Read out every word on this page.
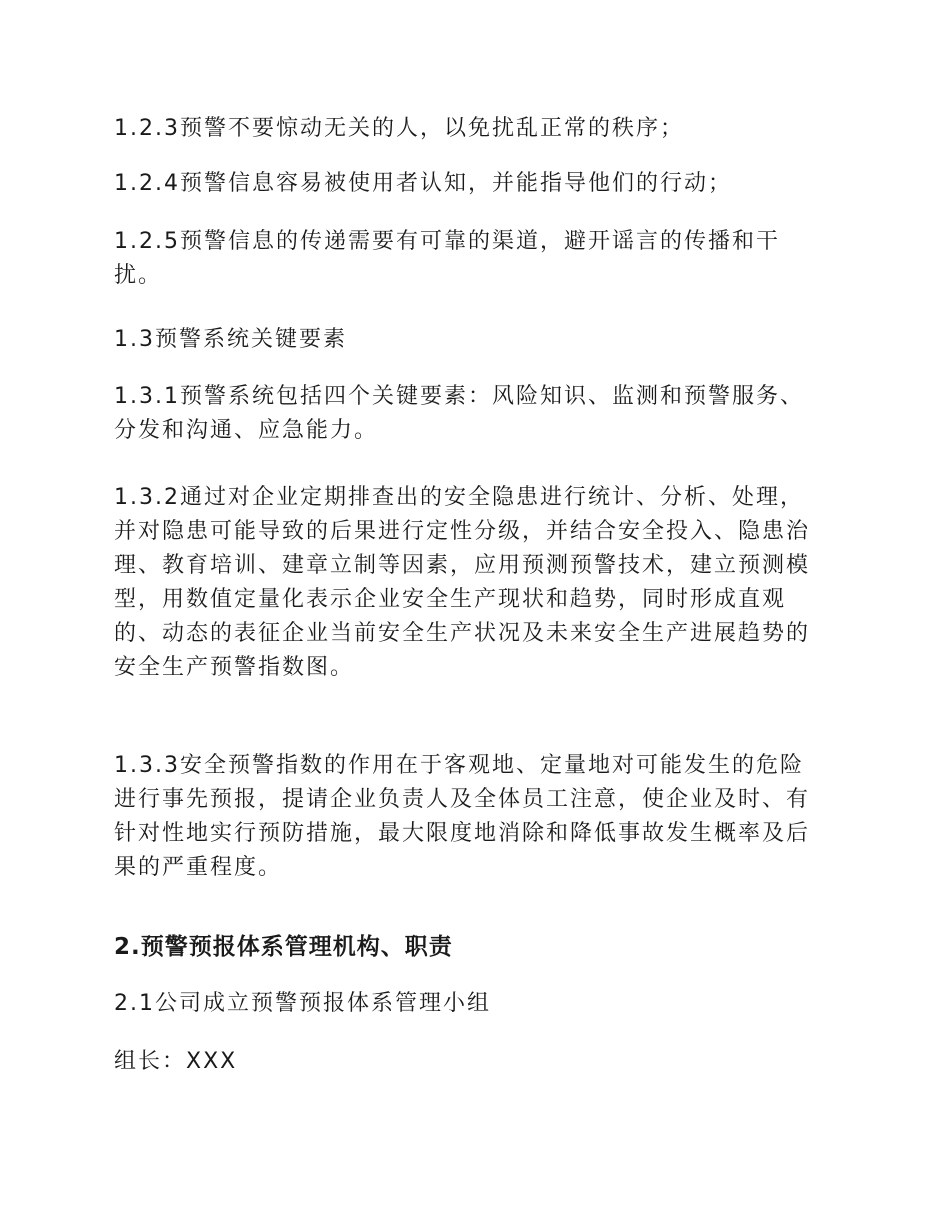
1.2.3预警不要惊动无关的人，以免扰乱正常的秩序；

1.2.4预警信息容易被使用者认知，并能指导他们的行动；

1.2.5预警信息的传递需要有可靠的渠道，避开谣言的传播和干
扰。

1.3预警系统关键要素

1.3.1预警系统包括四个关键要素：风险知识、监测和预警服务、
分发和沟通、应急能力。

1.3.2通过对企业定期排查出的安全隐患进行统计、分析、处理，
并对隐患可能导致的后果进行定性分级，并结合安全投入、隐患治
理、教育培训、建章立制等因素，应用预测预警技术，建立预测模
型，用数值定量化表示企业安全生产现状和趋势，同时形成直观
的、动态的表征企业当前安全生产状况及未来安全生产进展趋势的
安全生产预警指数图。

1.3.3安全预警指数的作用在于客观地、定量地对可能发生的危险
进行事先预报，提请企业负责人及全体员工注意，使企业及时、有
针对性地实行预防措施，最大限度地消除和降低事故发生概率及后
果的严重程度。

2.预警预报体系管理机构、职责

2.1公司成立预警预报体系管理小组

组长：XXX
